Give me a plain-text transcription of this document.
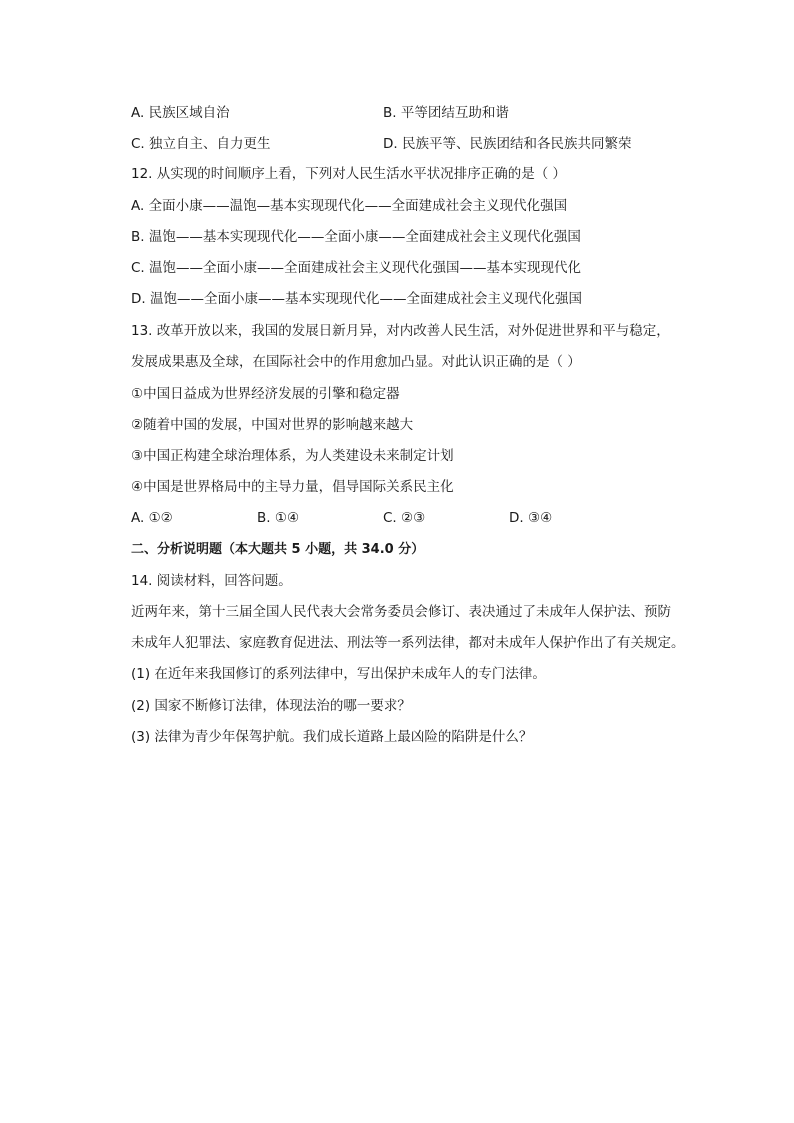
A. 民族区域自治	B. 平等团结互助和谐
C. 独立自主、自力更生	D. 民族平等、民族团结和各民族共同繁荣
12. 从实现的时间顺序上看，下列对人民生活水平状况排序正确的是（ ）
A. 全面小康——温饱—基本实现现代化——全面建成社会主义现代化强国
B. 温饱——基本实现现代化——全面小康——全面建成社会主义现代化强国
C. 温饱——全面小康——全面建成社会主义现代化强国——基本实现现代化
D. 温饱——全面小康——基本实现现代化——全面建成社会主义现代化强国
13. 改革开放以来，我国的发展日新月异，对内改善人民生活，对外促进世界和平与稳定，
发展成果惠及全球，在国际社会中的作用愈加凸显。对此认识正确的是（ ）
①中国日益成为世界经济发展的引擎和稳定器
②随着中国的发展，中国对世界的影响越来越大
③中国正构建全球治理体系，为人类建设未来制定计划
④中国是世界格局中的主导力量，倡导国际关系民主化
A. ①②	B. ①④	C. ②③	D. ③④
二、分析说明题（本大题共 5 小题，共 34.0 分）
14. 阅读材料，回答问题。
近两年来，第十三届全国人民代表大会常务委员会修订、表决通过了未成年人保护法、预防
未成年人犯罪法、家庭教育促进法、刑法等一系列法律，都对未成年人保护作出了有关规定。
(1) 在近年来我国修订的系列法律中，写出保护未成年人的专门法律。
(2) 国家不断修订法律，体现法治的哪一要求？
(3) 法律为青少年保驾护航。我们成长道路上最凶险的陷阱是什么？
